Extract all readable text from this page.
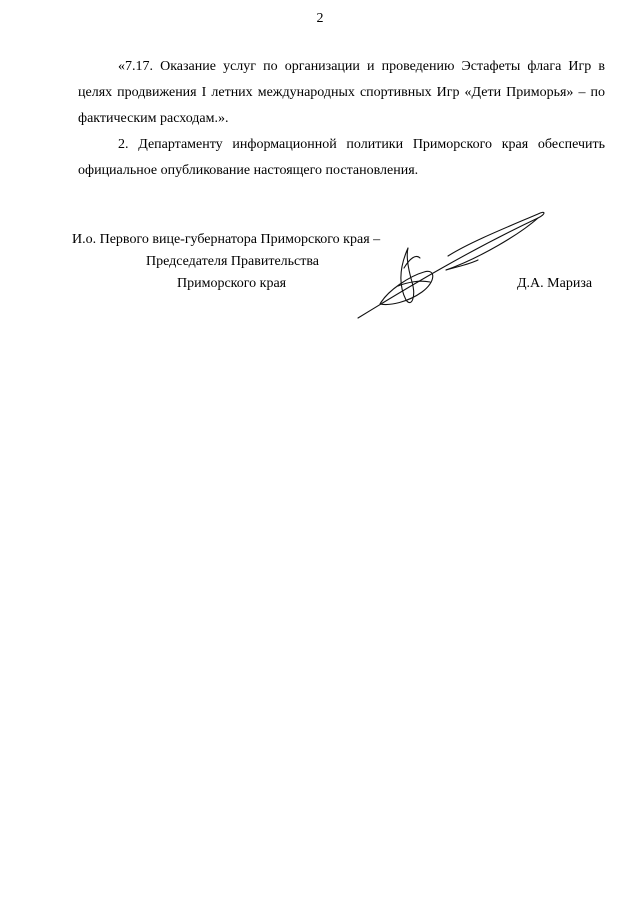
2

«7.17. Оказание услуг по организации и проведению Эстафеты флага Игр в целях продвижения I летних международных спортивных Игр «Дети Приморья» – по фактическим расходам.».

2. Департаменту информационной политики Приморского края обеспечить официальное опубликование настоящего постановления.

И.о. Первого вице-губернатора Приморского края –
Председателя Правительства
Приморского края	Д.А. Мариза
